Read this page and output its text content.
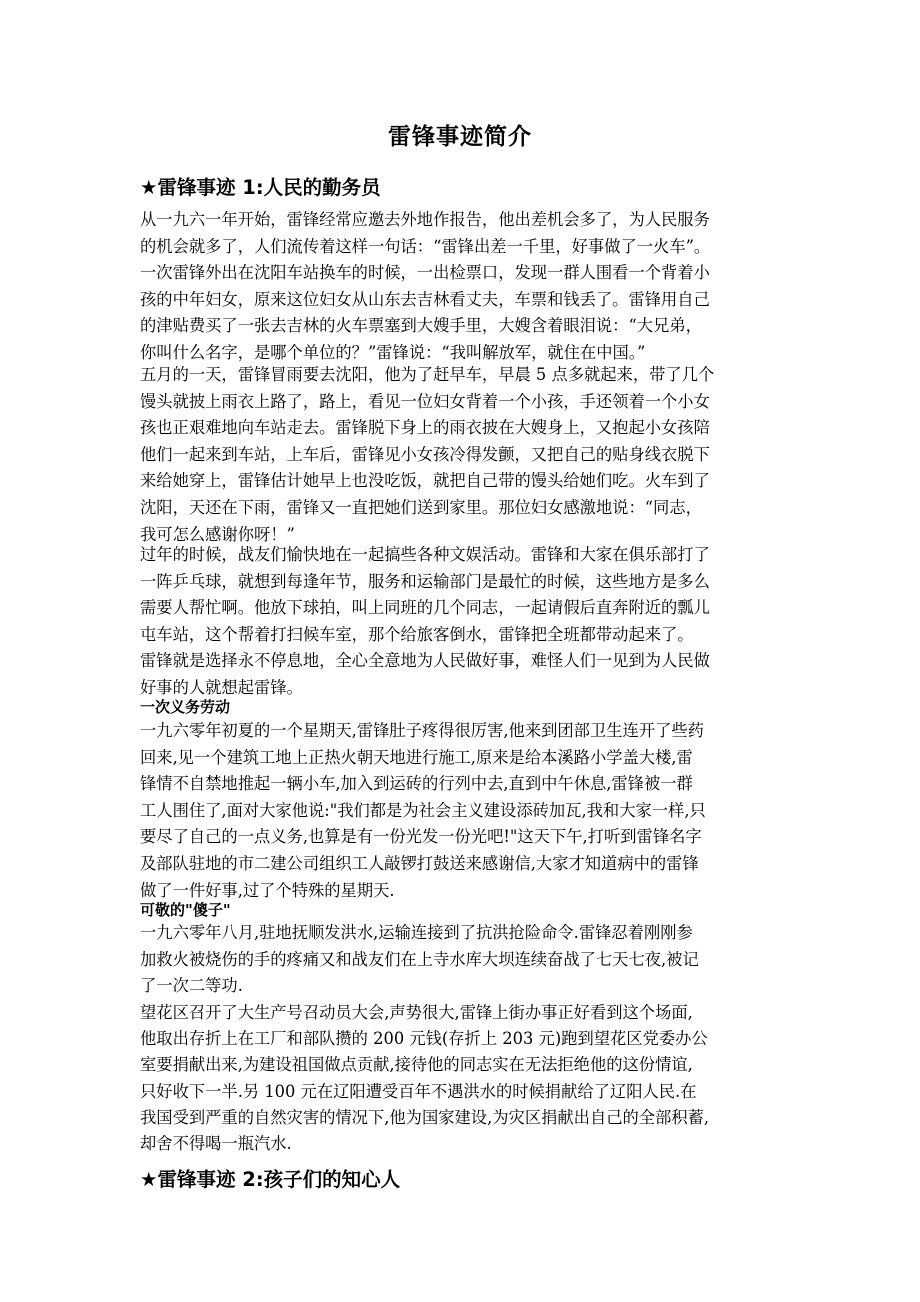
雷锋事迹简介
★雷锋事迹 1:人民的勤务员
从一九六一年开始，雷锋经常应邀去外地作报告，他出差机会多了，为人民服务
的机会就多了，人们流传着这样一句话：“雷锋出差一千里，好事做了一火车”。
一次雷锋外出在沈阳车站换车的时候，一出检票口，发现一群人围看一个背着小
孩的中年妇女，原来这位妇女从山东去吉林看丈夫，车票和钱丢了。雷锋用自己
的津贴费买了一张去吉林的火车票塞到大嫂手里，大嫂含着眼泪说：“大兄弟，
你叫什么名字，是哪个单位的？”雷锋说：“我叫解放军，就住在中国。”
五月的一天，雷锋冒雨要去沈阳，他为了赶早车，早晨 5 点多就起来，带了几个
馒头就披上雨衣上路了，路上，看见一位妇女背着一个小孩，手还领着一个小女
孩也正艰难地向车站走去。雷锋脱下身上的雨衣披在大嫂身上，又抱起小女孩陪
他们一起来到车站，上车后，雷锋见小女孩冷得发颤，又把自己的贴身线衣脱下
来给她穿上，雷锋估计她早上也没吃饭，就把自己带的馒头给她们吃。火车到了
沈阳，天还在下雨，雷锋又一直把她们送到家里。那位妇女感激地说：“同志，
我可怎么感谢你呀！”
过年的时候，战友们愉快地在一起搞些各种文娱活动。雷锋和大家在俱乐部打了
一阵乒乓球，就想到每逢年节，服务和运输部门是最忙的时候，这些地方是多么
需要人帮忙啊。他放下球拍，叫上同班的几个同志，一起请假后直奔附近的瓢儿
屯车站，这个帮着打扫候车室，那个给旅客倒水，雷锋把全班都带动起来了。
雷锋就是选择永不停息地，全心全意地为人民做好事，难怪人们一见到为人民做
好事的人就想起雷锋。
一次义务劳动
一九六零年初夏的一个星期天,雷锋肚子疼得很厉害,他来到团部卫生连开了些药
回来,见一个建筑工地上正热火朝天地进行施工,原来是给本溪路小学盖大楼,雷
锋情不自禁地推起一辆小车,加入到运砖的行列中去,直到中午休息,雷锋被一群
工人围住了,面对大家他说:"我们都是为社会主义建设添砖加瓦,我和大家一样,只
要尽了自己的一点义务,也算是有一份光发一份光吧!"这天下午,打听到雷锋名字
及部队驻地的市二建公司组织工人敲锣打鼓送来感谢信,大家才知道病中的雷锋
做了一件好事,过了个特殊的星期天.
可敬的"傻子"
一九六零年八月,驻地抚顺发洪水,运输连接到了抗洪抢险命令.雷锋忍着刚刚参
加救火被烧伤的手的疼痛又和战友们在上寺水库大坝连续奋战了七天七夜,被记
了一次二等功.
望花区召开了大生产号召动员大会,声势很大,雷锋上街办事正好看到这个场面,
他取出存折上在工厂和部队攒的 200 元钱(存折上 203 元)跑到望花区党委办公
室要捐献出来,为建设祖国做点贡献,接待他的同志实在无法拒绝他的这份情谊,
只好收下一半.另 100 元在辽阳遭受百年不遇洪水的时候捐献给了辽阳人民.在
我国受到严重的自然灾害的情况下,他为国家建设,为灾区捐献出自己的全部积蓄,
却舍不得喝一瓶汽水.
★雷锋事迹 2:孩子们的知心人
